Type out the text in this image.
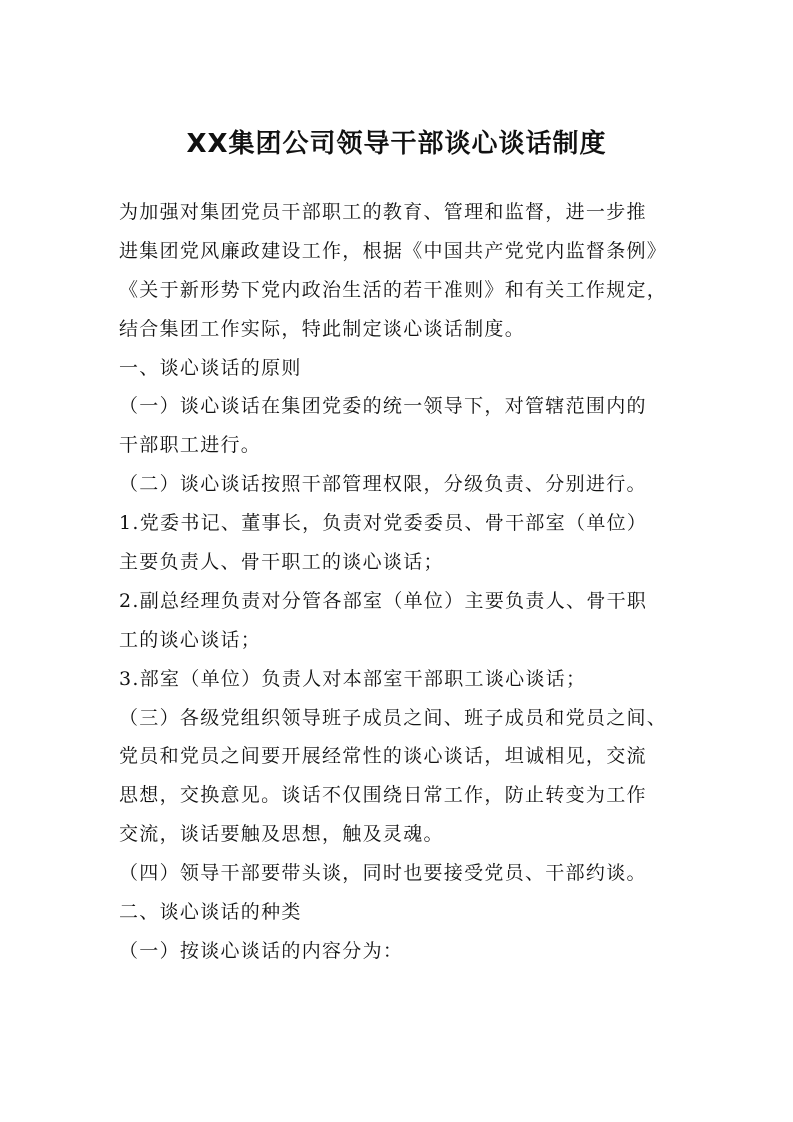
XX集团公司领导干部谈心谈话制度
为加强对集团党员干部职工的教育、管理和监督，进一步推
进集团党风廉政建设工作，根据《中国共产党党内监督条例》
《关于新形势下党内政治生活的若干准则》和有关工作规定，
结合集团工作实际，特此制定谈心谈话制度。
一、谈心谈话的原则
（一）谈心谈话在集团党委的统一领导下，对管辖范围内的
干部职工进行。
（二）谈心谈话按照干部管理权限，分级负责、分别进行。
1.党委书记、董事长，负责对党委委员、骨干部室（单位）
主要负责人、骨干职工的谈心谈话；
2.副总经理负责对分管各部室（单位）主要负责人、骨干职
工的谈心谈话；
3.部室（单位）负责人对本部室干部职工谈心谈话；
（三）各级党组织领导班子成员之间、班子成员和党员之间、
党员和党员之间要开展经常性的谈心谈话，坦诚相见，交流
思想，交换意见。谈话不仅围绕日常工作，防止转变为工作
交流，谈话要触及思想，触及灵魂。
（四）领导干部要带头谈，同时也要接受党员、干部约谈。
二、谈心谈话的种类
（一）按谈心谈话的内容分为：
